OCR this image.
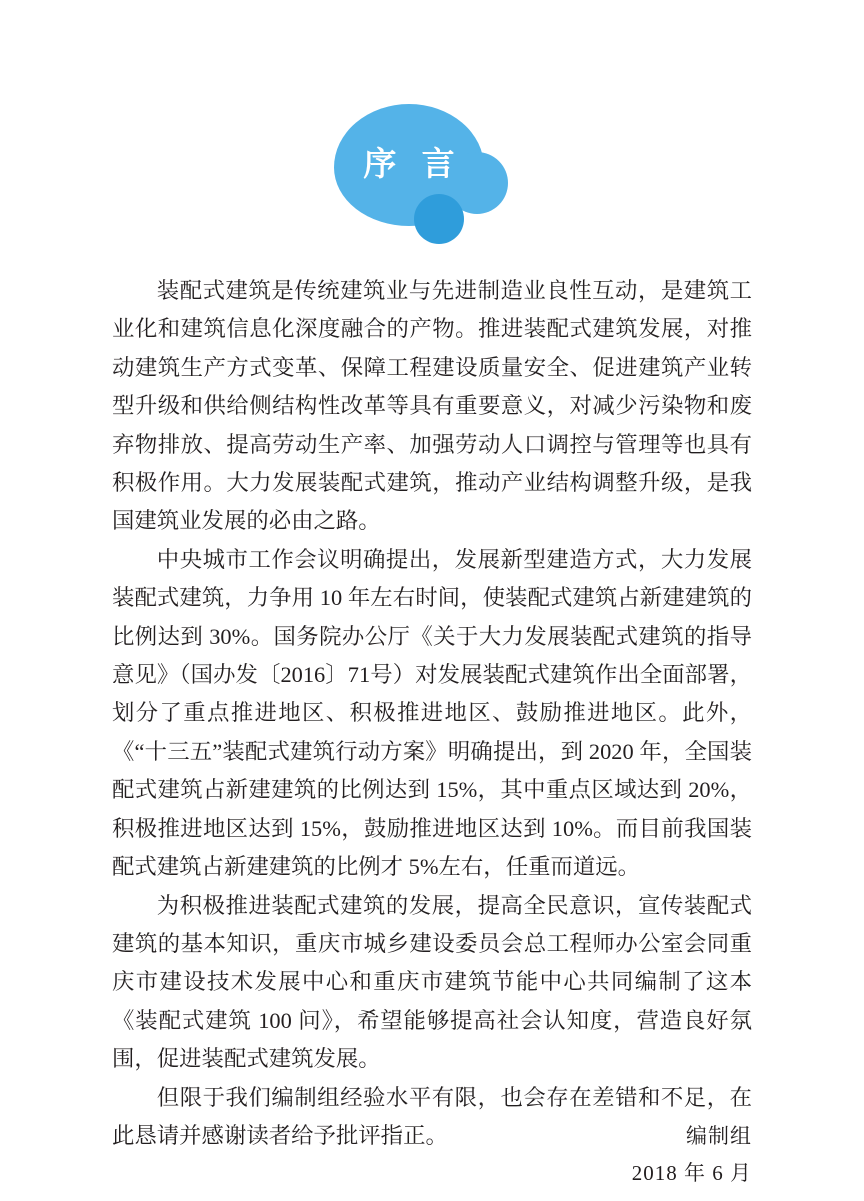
序 言

装配式建筑是传统建筑业与先进制造业良性互动，是建筑工业化和建筑信息化深度融合的产物。推进装配式建筑发展，对推动建筑生产方式变革、保障工程建设质量安全、促进建筑产业转型升级和供给侧结构性改革等具有重要意义，对减少污染物和废弃物排放、提高劳动生产率、加强劳动人口调控与管理等也具有积极作用。大力发展装配式建筑，推动产业结构调整升级，是我国建筑业发展的必由之路。

中央城市工作会议明确提出，发展新型建造方式，大力发展装配式建筑，力争用 10 年左右时间，使装配式建筑占新建建筑的比例达到 30%。国务院办公厅《关于大力发展装配式建筑的指导意见》（国办发〔2016〕71号）对发展装配式建筑作出全面部署，划分了重点推进地区、积极推进地区、鼓励推进地区。此外，《“十三五”装配式建筑行动方案》明确提出，到 2020 年，全国装配式建筑占新建建筑的比例达到 15%，其中重点区域达到 20%，积极推进地区达到 15%，鼓励推进地区达到 10%。而目前我国装配式建筑占新建建筑的比例才 5%左右，任重而道远。

为积极推进装配式建筑的发展，提高全民意识，宣传装配式建筑的基本知识，重庆市城乡建设委员会总工程师办公室会同重庆市建设技术发展中心和重庆市建筑节能中心共同编制了这本《装配式建筑 100 问》，希望能够提高社会认知度，营造良好氛围，促进装配式建筑发展。

但限于我们编制组经验水平有限，也会存在差错和不足，在此恳请并感谢读者给予批评指正。	编制组
2018 年 6 月
